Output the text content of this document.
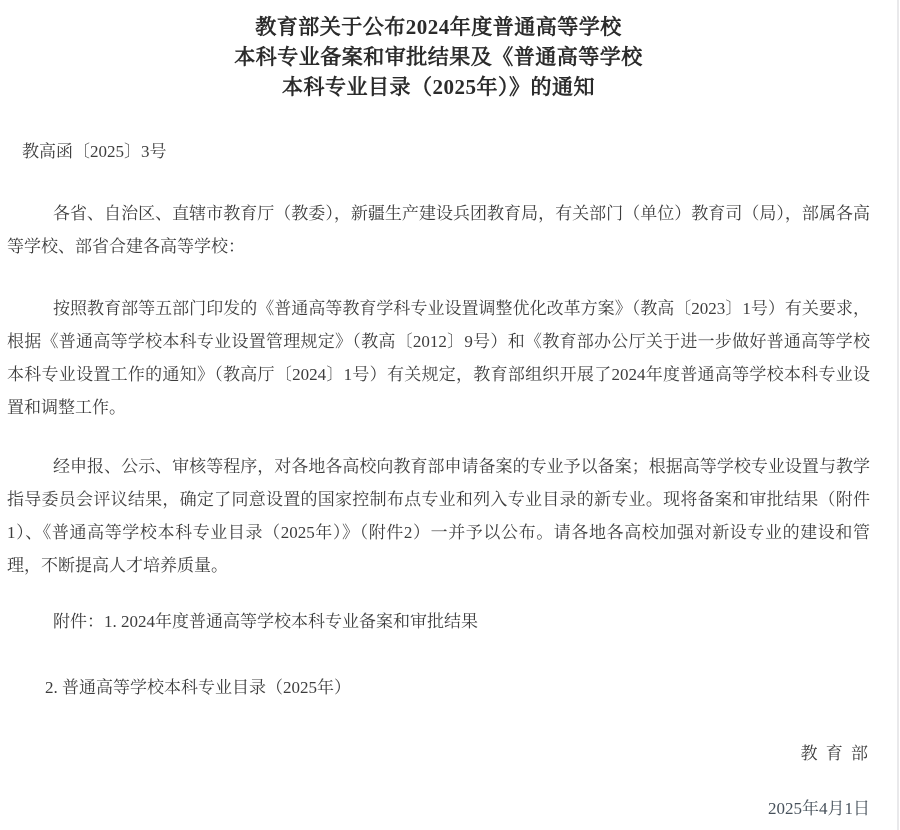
教育部关于公布2024年度普通高等学校
本科专业备案和审批结果及《普通高等学校
本科专业目录（2025年）》的通知
教高函〔2025〕3号

各省、自治区、直辖市教育厅（教委），新疆生产建设兵团教育局，有关部门（单位）教育司（局），部属各高等学校、部省合建各高等学校：

按照教育部等五部门印发的《普通高等教育学科专业设置调整优化改革方案》（教高〔2023〕1号）有关要求，根据《普通高等学校本科专业设置管理规定》（教高〔2012〕9号）和《教育部办公厅关于进一步做好普通高等学校本科专业设置工作的通知》（教高厅〔2024〕1号）有关规定，教育部组织开展了2024年度普通高等学校本科专业设置和调整工作。

经申报、公示、审核等程序，对各地各高校向教育部申请备案的专业予以备案；根据高等学校专业设置与教学指导委员会评议结果，确定了同意设置的国家控制布点专业和列入专业目录的新专业。现将备案和审批结果（附件1）、《普通高等学校本科专业目录（2025年）》（附件2）一并予以公布。请各地各高校加强对新设专业的建设和管理，不断提高人才培养质量。

附件：1. 2024年度普通高等学校本科专业备案和审批结果
2. 普通高等学校本科专业目录（2025年）
教 育 部
2025年4月1日
